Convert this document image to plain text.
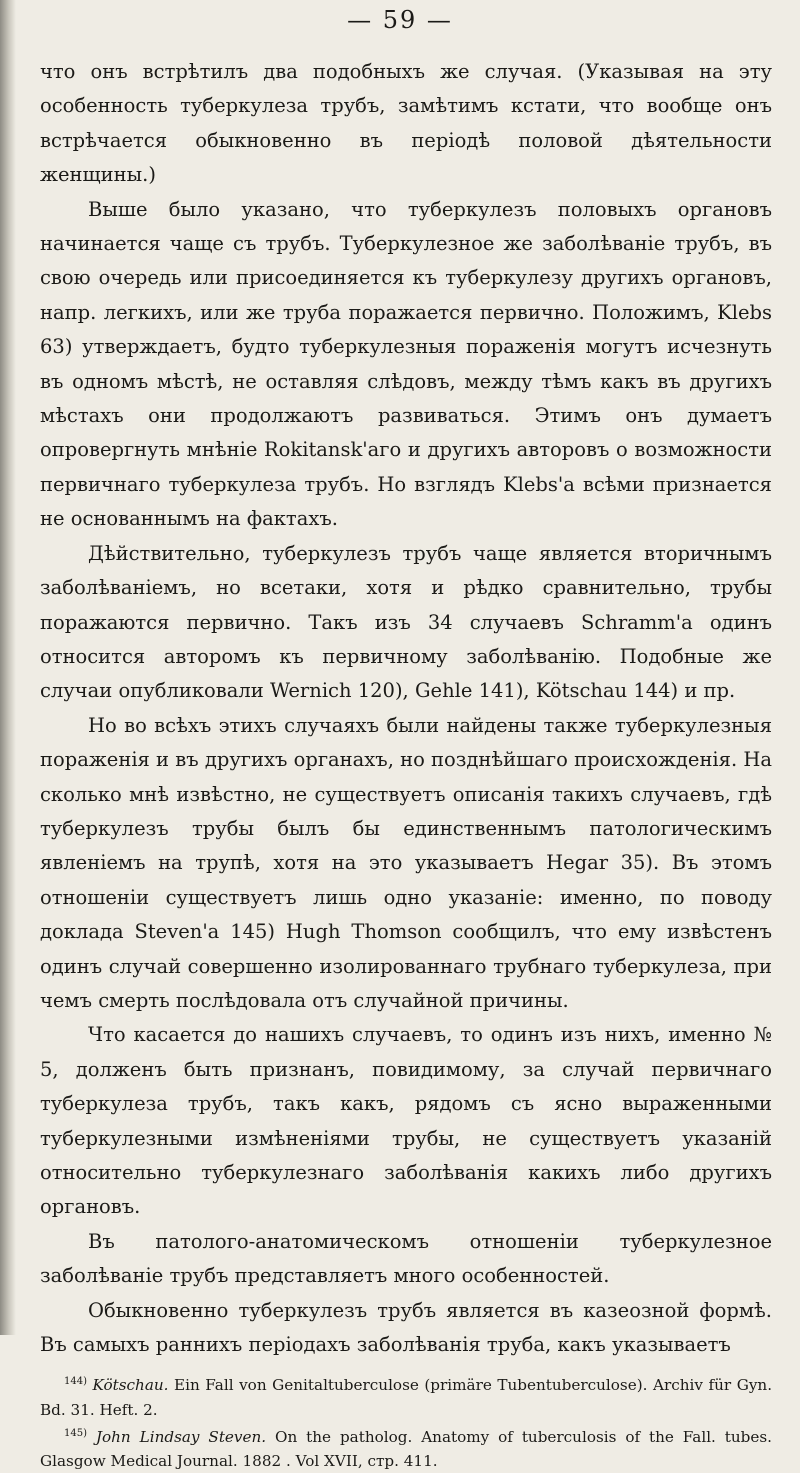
— 59 —

что онъ встрѣтилъ два подобныхъ же случая. (Указывая на эту особенность туберкулеза трубъ, замѣтимъ кстати, что вообще онъ встрѣчается обыкновенно въ періодѣ половой дѣятельности женщины.)

Выше было указано, что туберкулезъ половыхъ органовъ начинается чаще съ трубъ. Туберкулезное же заболѣваніе трубъ, въ свою очередь или присоединяется къ туберкулезу другихъ органовъ, напр. легкихъ, или же труба поражается первично. Положимъ, Klebs 63) утверждаетъ, будто туберкулезныя пораженія могутъ исчезнуть въ одномъ мѣстѣ, не оставляя слѣдовъ, между тѣмъ какъ въ другихъ мѣстахъ они продолжаютъ развиваться. Этимъ онъ думаетъ опровергнуть мнѣніе Rokitansk'аго и другихъ авторовъ о возможности первичнаго туберкулеза трубъ. Но взглядъ Klebs'а всѣми признается не основаннымъ на фактахъ.

Дѣйствительно, туберкулезъ трубъ чаще является вторичнымъ заболѣваніемъ, но всетаки, хотя и рѣдко сравнительно, трубы поражаются первично. Такъ изъ 34 случаевъ Schramm'а одинъ относится авторомъ къ первичному заболѣванію. Подобные же случаи опубликовали Wernich 120), Gehle 141), Kötschau 144) и пр.

Но во всѣхъ этихъ случаяхъ были найдены также туберкулезныя пораженія и въ другихъ органахъ, но позднѣйшаго происхожденія. На сколько мнѣ извѣстно, не существуетъ описанія такихъ случаевъ, гдѣ туберкулезъ трубы былъ бы единственнымъ патологическимъ явленіемъ на трупѣ, хотя на это указываетъ Hegar 35). Въ этомъ отношеніи существуетъ лишь одно указаніе: именно, по поводу доклада Steven'а 145) Hugh Thomson сообщилъ, что ему извѣстенъ одинъ случай совершенно изолированнаго трубнаго туберкулеза, при чемъ смерть послѣдовала отъ случайной причины.

Что касается до нашихъ случаевъ, то одинъ изъ нихъ, именно № 5, долженъ быть признанъ, повидимому, за случай первичнаго туберкулеза трубъ, такъ какъ, рядомъ съ ясно выраженными туберкулезными измѣненіями трубы, не существуетъ указаній относительно туберкулезнаго заболѣванія какихъ либо другихъ органовъ.

Въ патолого-анатомическомъ отношеніи туберкулезное заболѣваніе трубъ представляетъ много особенностей.

Обыкновенно туберкулезъ трубъ является въ казеозной формѣ. Въ самыхъ раннихъ періодахъ заболѣванія труба, какъ указываетъ

$^{144)}$ Kötschau. Ein Fall von Genitaltuberculose (primäre Tubentuberculose). Archiv für Gyn. Bd. 31. Heft. 2.

$^{145)}$ John Lindsay Steven. On the patholog. Anatomy of tuberculosis of the Fall. tubes. Glasgow Medical Journal. 1882 . Vol XVII, стр. 411.
